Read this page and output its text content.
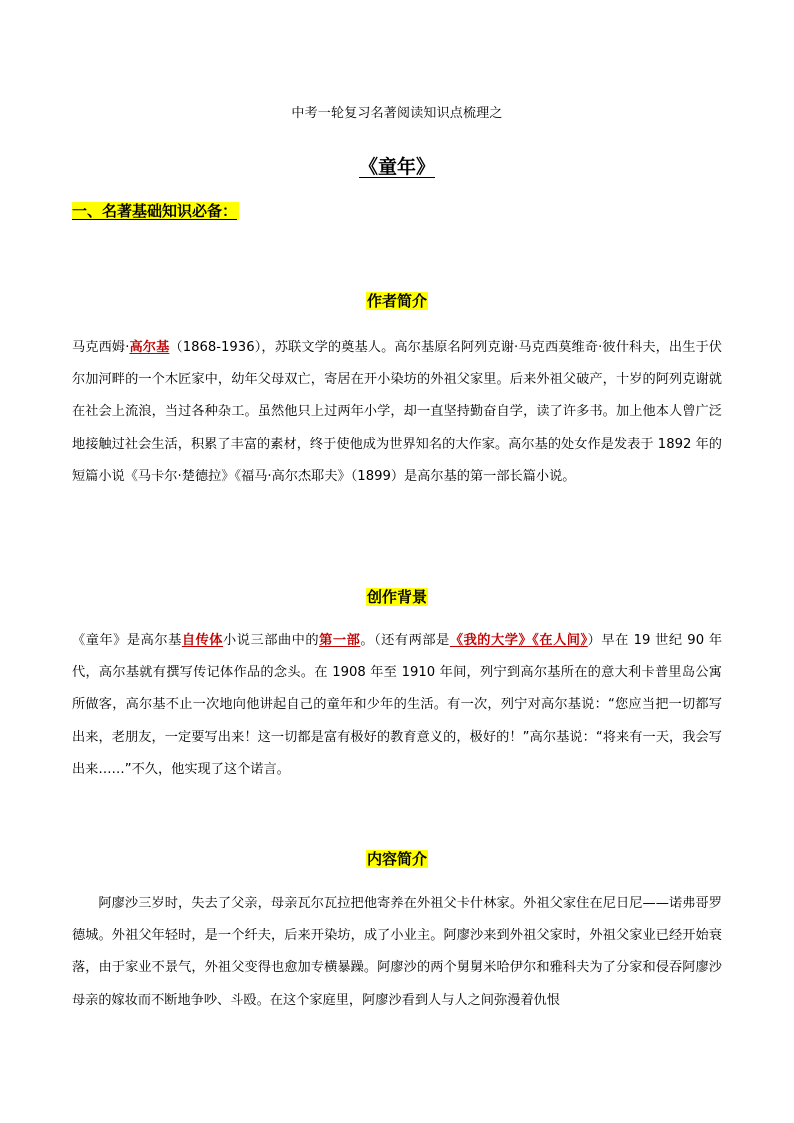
中考一轮复习名著阅读知识点梳理之
《童年》
一、名著基础知识必备：
作者简介
马克西姆·高尔基（1868-1936），苏联文学的奠基人。高尔基原名阿列克谢·马克西莫维奇·彼什科夫，出生于伏尔加河畔的一个木匠家中，幼年父母双亡，寄居在开小染坊的外祖父家里。后来外祖父破产，十岁的阿列克谢就在社会上流浪，当过各种杂工。虽然他只上过两年小学，却一直坚持勤奋自学，读了许多书。加上他本人曾广泛地接触过社会生活，积累了丰富的素材，终于使他成为世界知名的大作家。高尔基的处女作是发表于 1892 年的短篇小说《马卡尔·楚德拉》《福马·高尔杰耶夫》（1899）是高尔基的第一部长篇小说。
创作背景
《童年》是高尔基自传体小说三部曲中的第一部。（还有两部是《我的大学》《在人间》）早在 19 世纪 90 年代，高尔基就有撰写传记体作品的念头。在 1908 年至 1910 年间，列宁到高尔基所在的意大利卡普里岛公寓所做客，高尔基不止一次地向他讲起自己的童年和少年的生活。有一次，列宁对高尔基说：“您应当把一切都写出来，老朋友，一定要写出来！这一切都是富有极好的教育意义的，极好的！”高尔基说：“将来有一天，我会写出来……”不久，他实现了这个诺言。
内容简介
阿廖沙三岁时，失去了父亲，母亲瓦尔瓦拉把他寄养在外祖父卡什林家。外祖父家住在尼日尼——诺弗哥罗德城。外祖父年轻时，是一个纤夫，后来开染坊，成了小业主。阿廖沙来到外祖父家时，外祖父家业已经开始衰落，由于家业不景气，外祖父变得也愈加专横暴躁。阿廖沙的两个舅舅米哈伊尔和雅科夫为了分家和侵吞阿廖沙母亲的嫁妆而不断地争吵、斗殴。在这个家庭里，阿廖沙看到人与人之间弥漫着仇恨
